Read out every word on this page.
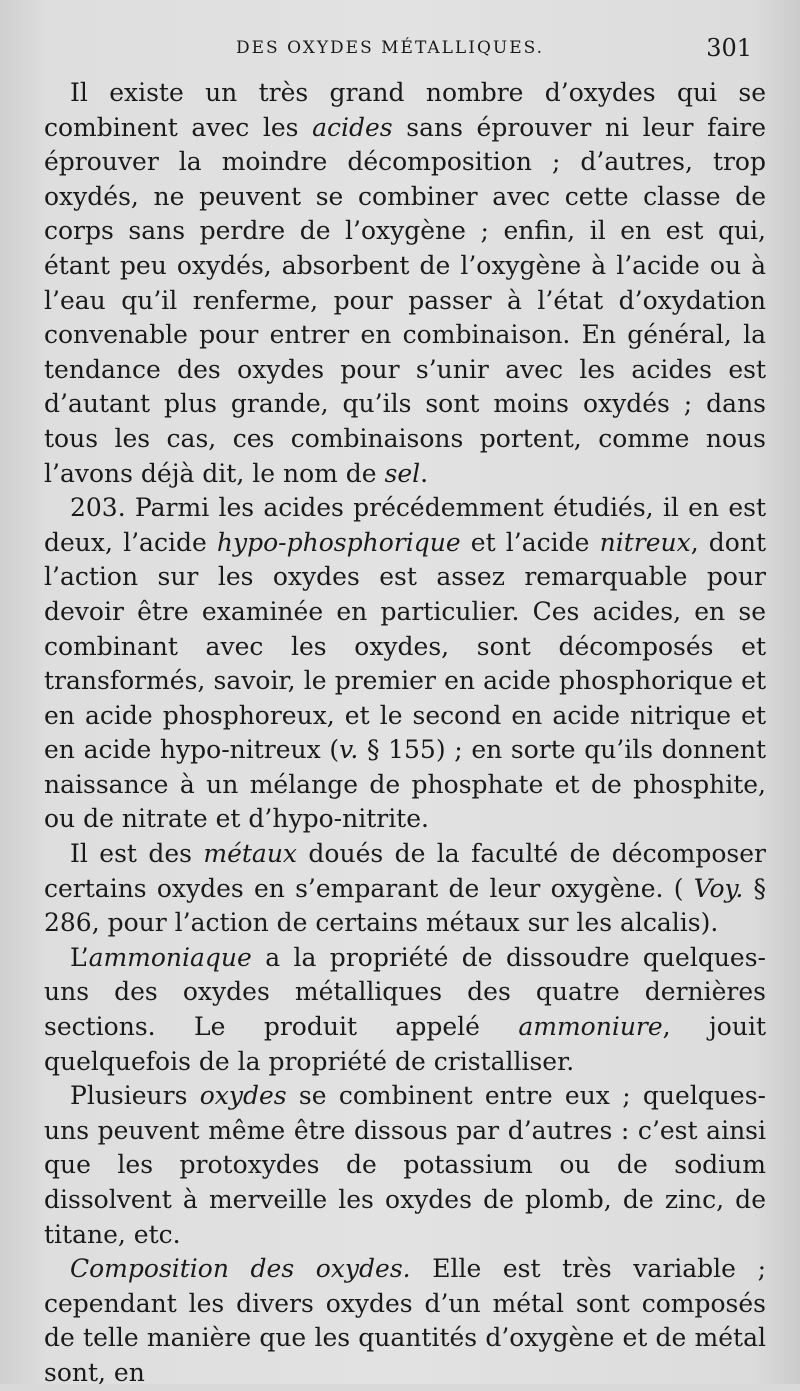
DES OXYDES MÉTALLIQUES.	301

Il existe un très grand nombre d’oxydes qui se combinent avec les acides sans éprouver ni leur faire éprouver la moindre décomposition ; d’autres, trop oxydés, ne peuvent se combiner avec cette classe de corps sans perdre de l’oxygène ; enfin, il en est qui, étant peu oxydés, absorbent de l’oxygène à l’acide ou à l’eau qu’il renferme, pour passer à l’état d’oxydation convenable pour entrer en combinaison. En général, la tendance des oxydes pour s’unir avec les acides est d’autant plus grande, qu’ils sont moins oxydés ; dans tous les cas, ces combinaisons portent, comme nous l’avons déjà dit, le nom de sel.

203. Parmi les acides précédemment étudiés, il en est deux, l’acide hypo-phosphorique et l’acide nitreux, dont l’action sur les oxydes est assez remarquable pour devoir être examinée en particulier. Ces acides, en se combinant avec les oxydes, sont décomposés et transformés, savoir, le premier en acide phosphorique et en acide phosphoreux, et le second en acide nitrique et en acide hypo-nitreux (v. § 155) ; en sorte qu’ils donnent naissance à un mélange de phosphate et de phosphite, ou de nitrate et d’hypo-nitrite.

Il est des métaux doués de la faculté de décomposer certains oxydes en s’emparant de leur oxygène. ( Voy. § 286, pour l’action de certains métaux sur les alcalis).

L’ammoniaque a la propriété de dissoudre quelques-uns des oxydes métalliques des quatre dernières sections. Le produit appelé ammoniure, jouit quelquefois de la propriété de cristalliser.

Plusieurs oxydes se combinent entre eux ; quelques-uns peuvent même être dissous par d’autres : c’est ainsi que les protoxydes de potassium ou de sodium dissolvent à merveille les oxydes de plomb, de zinc, de titane, etc.

Composition des oxydes. Elle est très variable ; cependant les divers oxydes d’un métal sont composés de telle manière que les quantités d’oxygène et de métal sont, en
